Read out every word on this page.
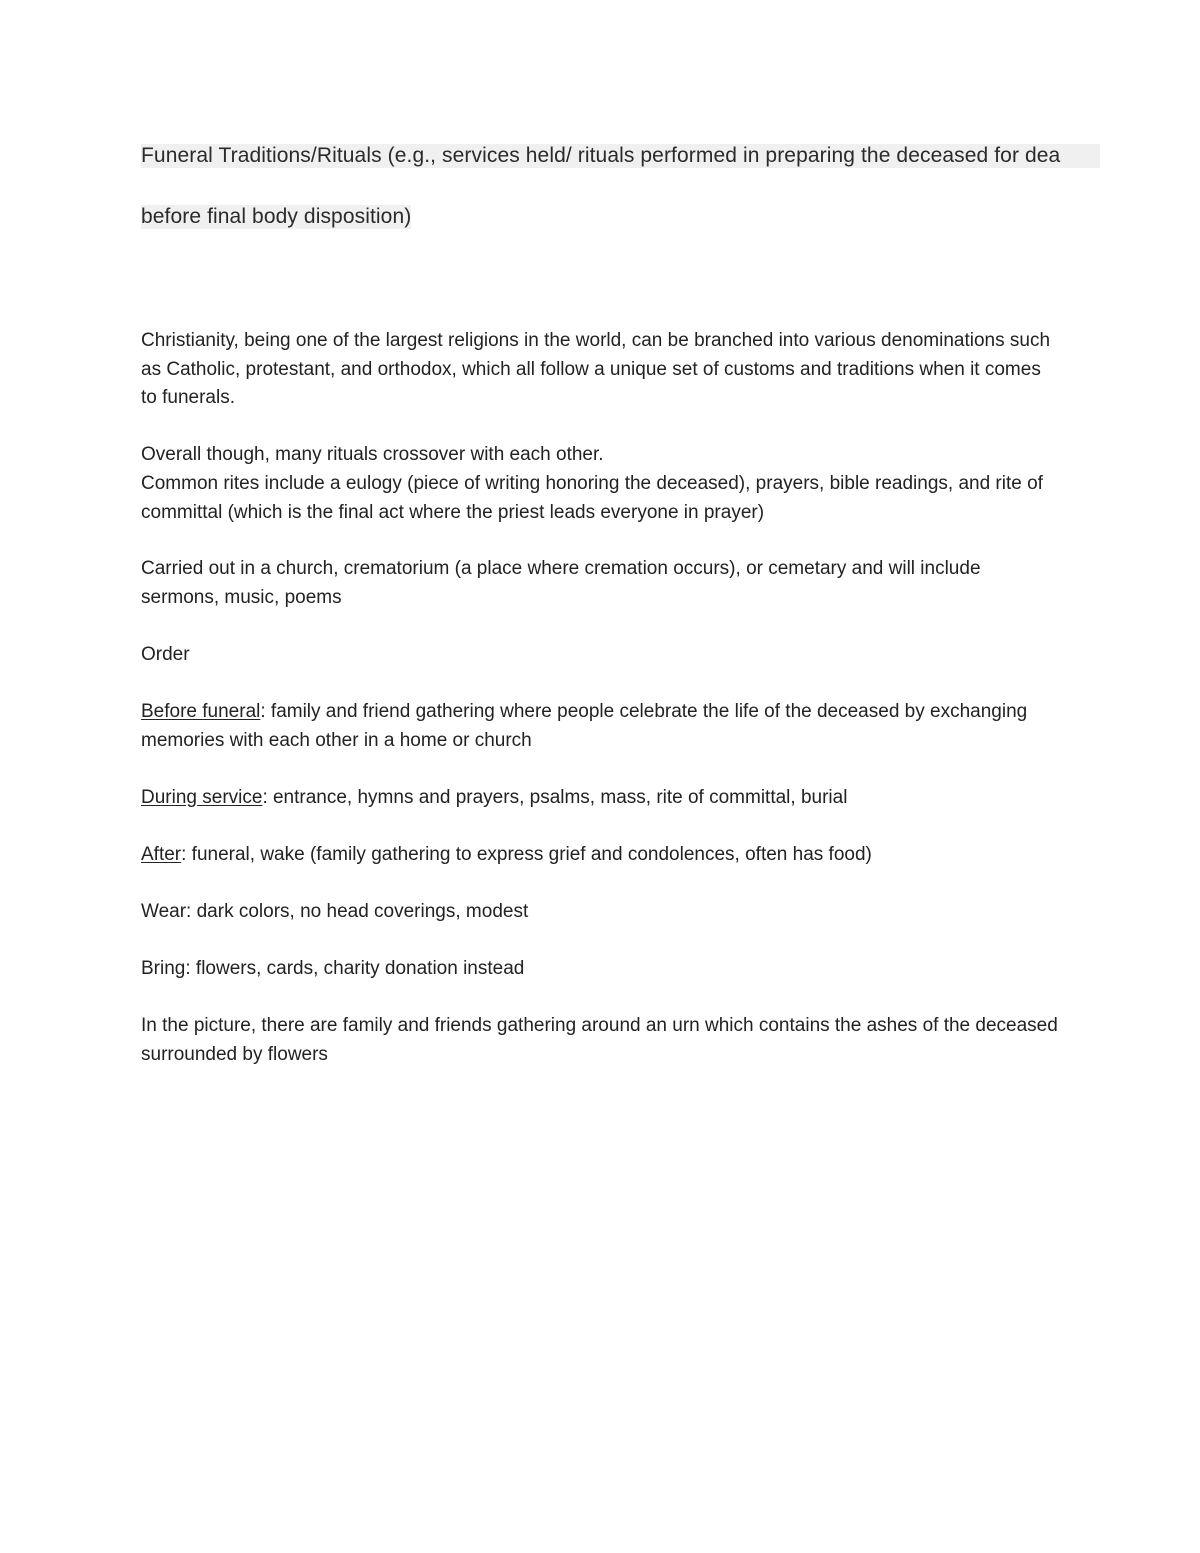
Funeral Traditions/Rituals (e.g., services held/ rituals performed in preparing the deceased for dea
before final body disposition)

Christianity, being one of the largest religions in the world, can be branched into various denominations such as Catholic, protestant, and orthodox, which all follow a unique set of customs and traditions when it comes to funerals.

Overall though, many rituals crossover with each other.

Common rites include a eulogy (piece of writing honoring the deceased), prayers, bible readings, and rite of committal (which is the final act where the priest leads everyone in prayer)

Carried out in a church, crematorium (a place where cremation occurs), or cemetary and will include sermons, music, poems

Order

Before funeral: family and friend gathering where people celebrate the life of the deceased by exchanging memories with each other in a home or church

During service: entrance, hymns and prayers, psalms, mass, rite of committal, burial

After: funeral, wake (family gathering to express grief and condolences, often has food)

Wear: dark colors, no head coverings, modest

Bring: flowers, cards, charity donation instead

In the picture, there are family and friends gathering around an urn which contains the ashes of the deceased surrounded by flowers
